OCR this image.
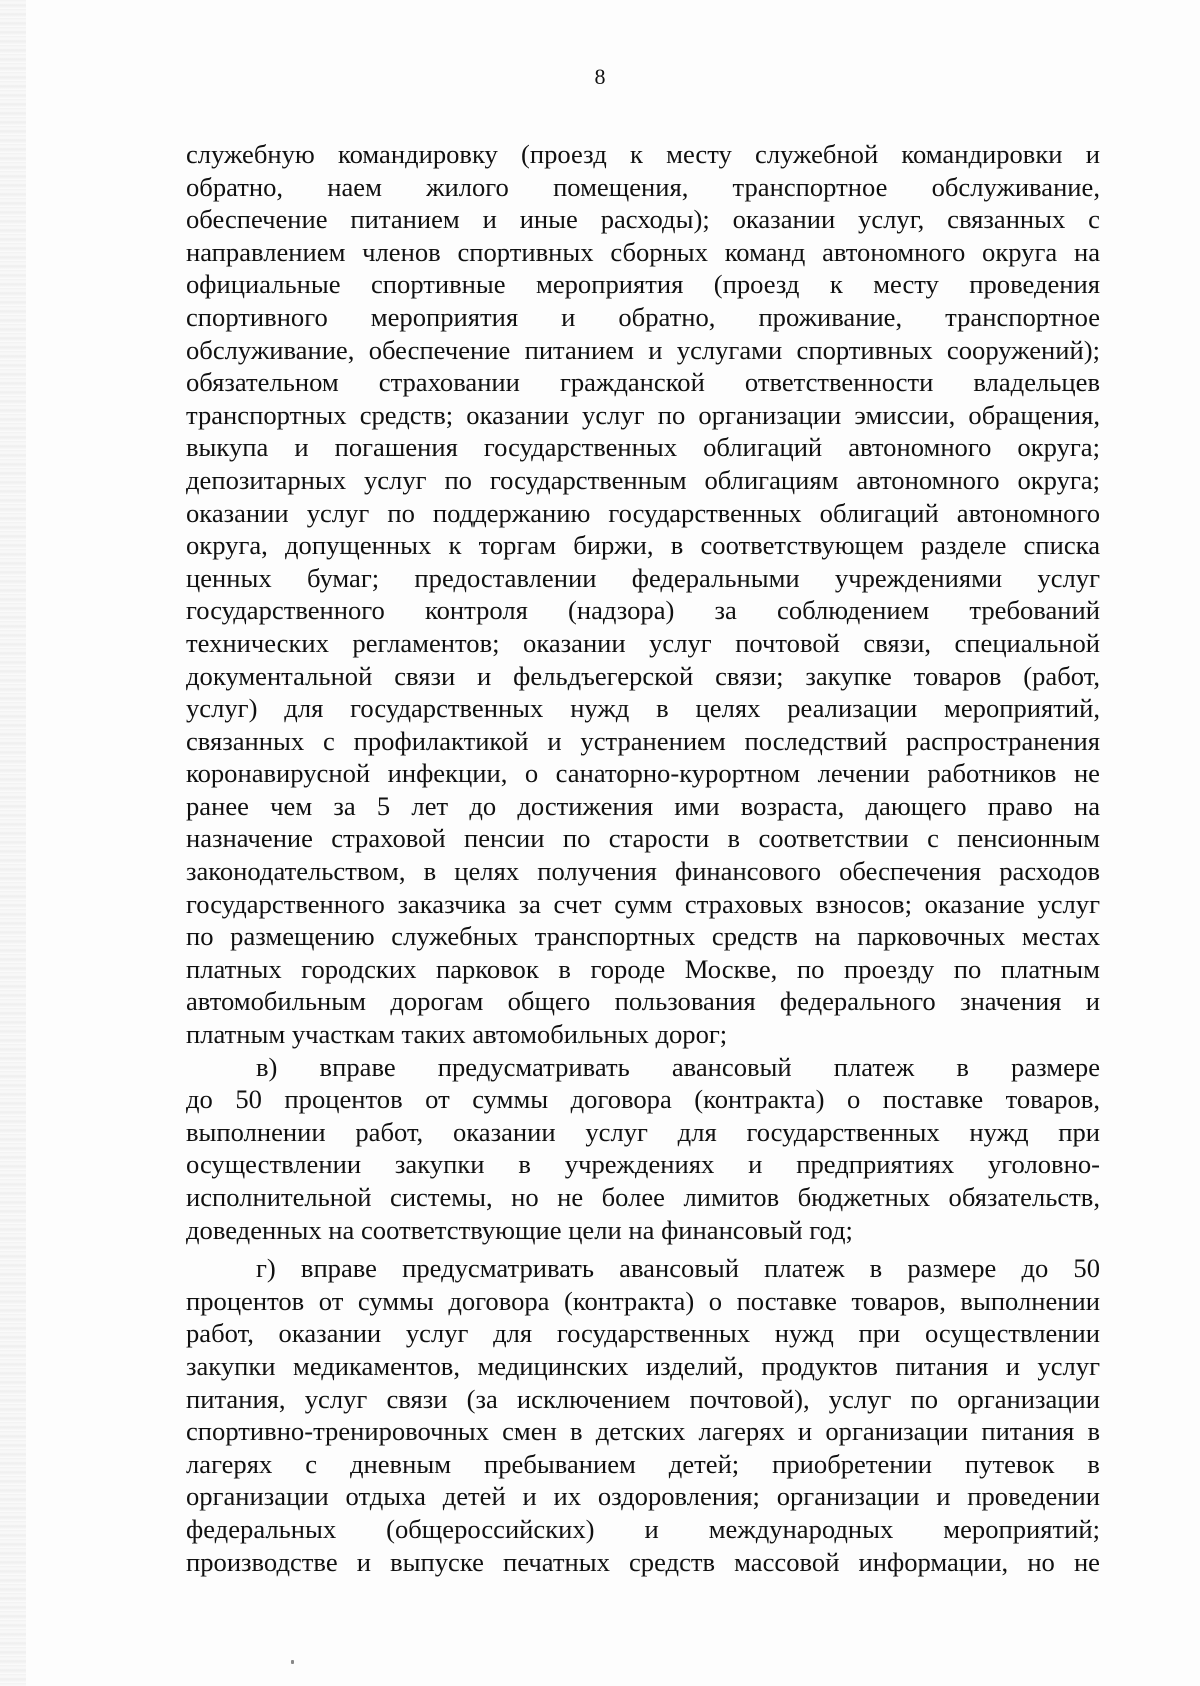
8
служебную командировку (проезд к месту служебной командировки и
обратно, наем жилого помещения, транспортное обслуживание,
обеспечение питанием и иные расходы); оказании услуг, связанных с
направлением членов спортивных сборных команд автономного округа на
официальные спортивные мероприятия (проезд к месту проведения
спортивного мероприятия и обратно, проживание, транспортное
обслуживание, обеспечение питанием и услугами спортивных сооружений);
обязательном страховании гражданской ответственности владельцев
транспортных средств; оказании услуг по организации эмиссии, обращения,
выкупа и погашения государственных облигаций автономного округа;
депозитарных услуг по государственным облигациям автономного округа;
оказании услуг по поддержанию государственных облигаций автономного
округа, допущенных к торгам биржи, в соответствующем разделе списка
ценных бумаг; предоставлении федеральными учреждениями услуг
государственного контроля (надзора) за соблюдением требований
технических регламентов; оказании услуг почтовой связи, специальной
документальной связи и фельдъегерской связи; закупке товаров (работ,
услуг) для государственных нужд в целях реализации мероприятий,
связанных с профилактикой и устранением последствий распространения
коронавирусной инфекции, о санаторно-курортном лечении работников не
ранее чем за 5 лет до достижения ими возраста, дающего право на
назначение страховой пенсии по старости в соответствии с пенсионным
законодательством, в целях получения финансового обеспечения расходов
государственного заказчика за счет сумм страховых взносов; оказание услуг
по размещению служебных транспортных средств на парковочных местах
платных городских парковок в городе Москве, по проезду по платным
автомобильным дорогам общего пользования федерального значения и
платным участкам таких автомобильных дорог;
в) вправе предусматривать авансовый платеж в размере
до 50 процентов от суммы договора (контракта) о поставке товаров,
выполнении работ, оказании услуг для государственных нужд при
осуществлении закупки в учреждениях и предприятиях уголовно-
исполнительной системы, но не более лимитов бюджетных обязательств,
доведенных на соответствующие цели на финансовый год;
г) вправе предусматривать авансовый платеж в размере до 50
процентов от суммы договора (контракта) о поставке товаров, выполнении
работ, оказании услуг для государственных нужд при осуществлении
закупки медикаментов, медицинских изделий, продуктов питания и услуг
питания, услуг связи (за исключением почтовой), услуг по организации
спортивно-тренировочных смен в детских лагерях и организации питания в
лагерях с дневным пребыванием детей; приобретении путевок в
организации отдыха детей и их оздоровления; организации и проведении
федеральных (общероссийских) и международных мероприятий;
производстве и выпуске печатных средств массовой информации, но не
